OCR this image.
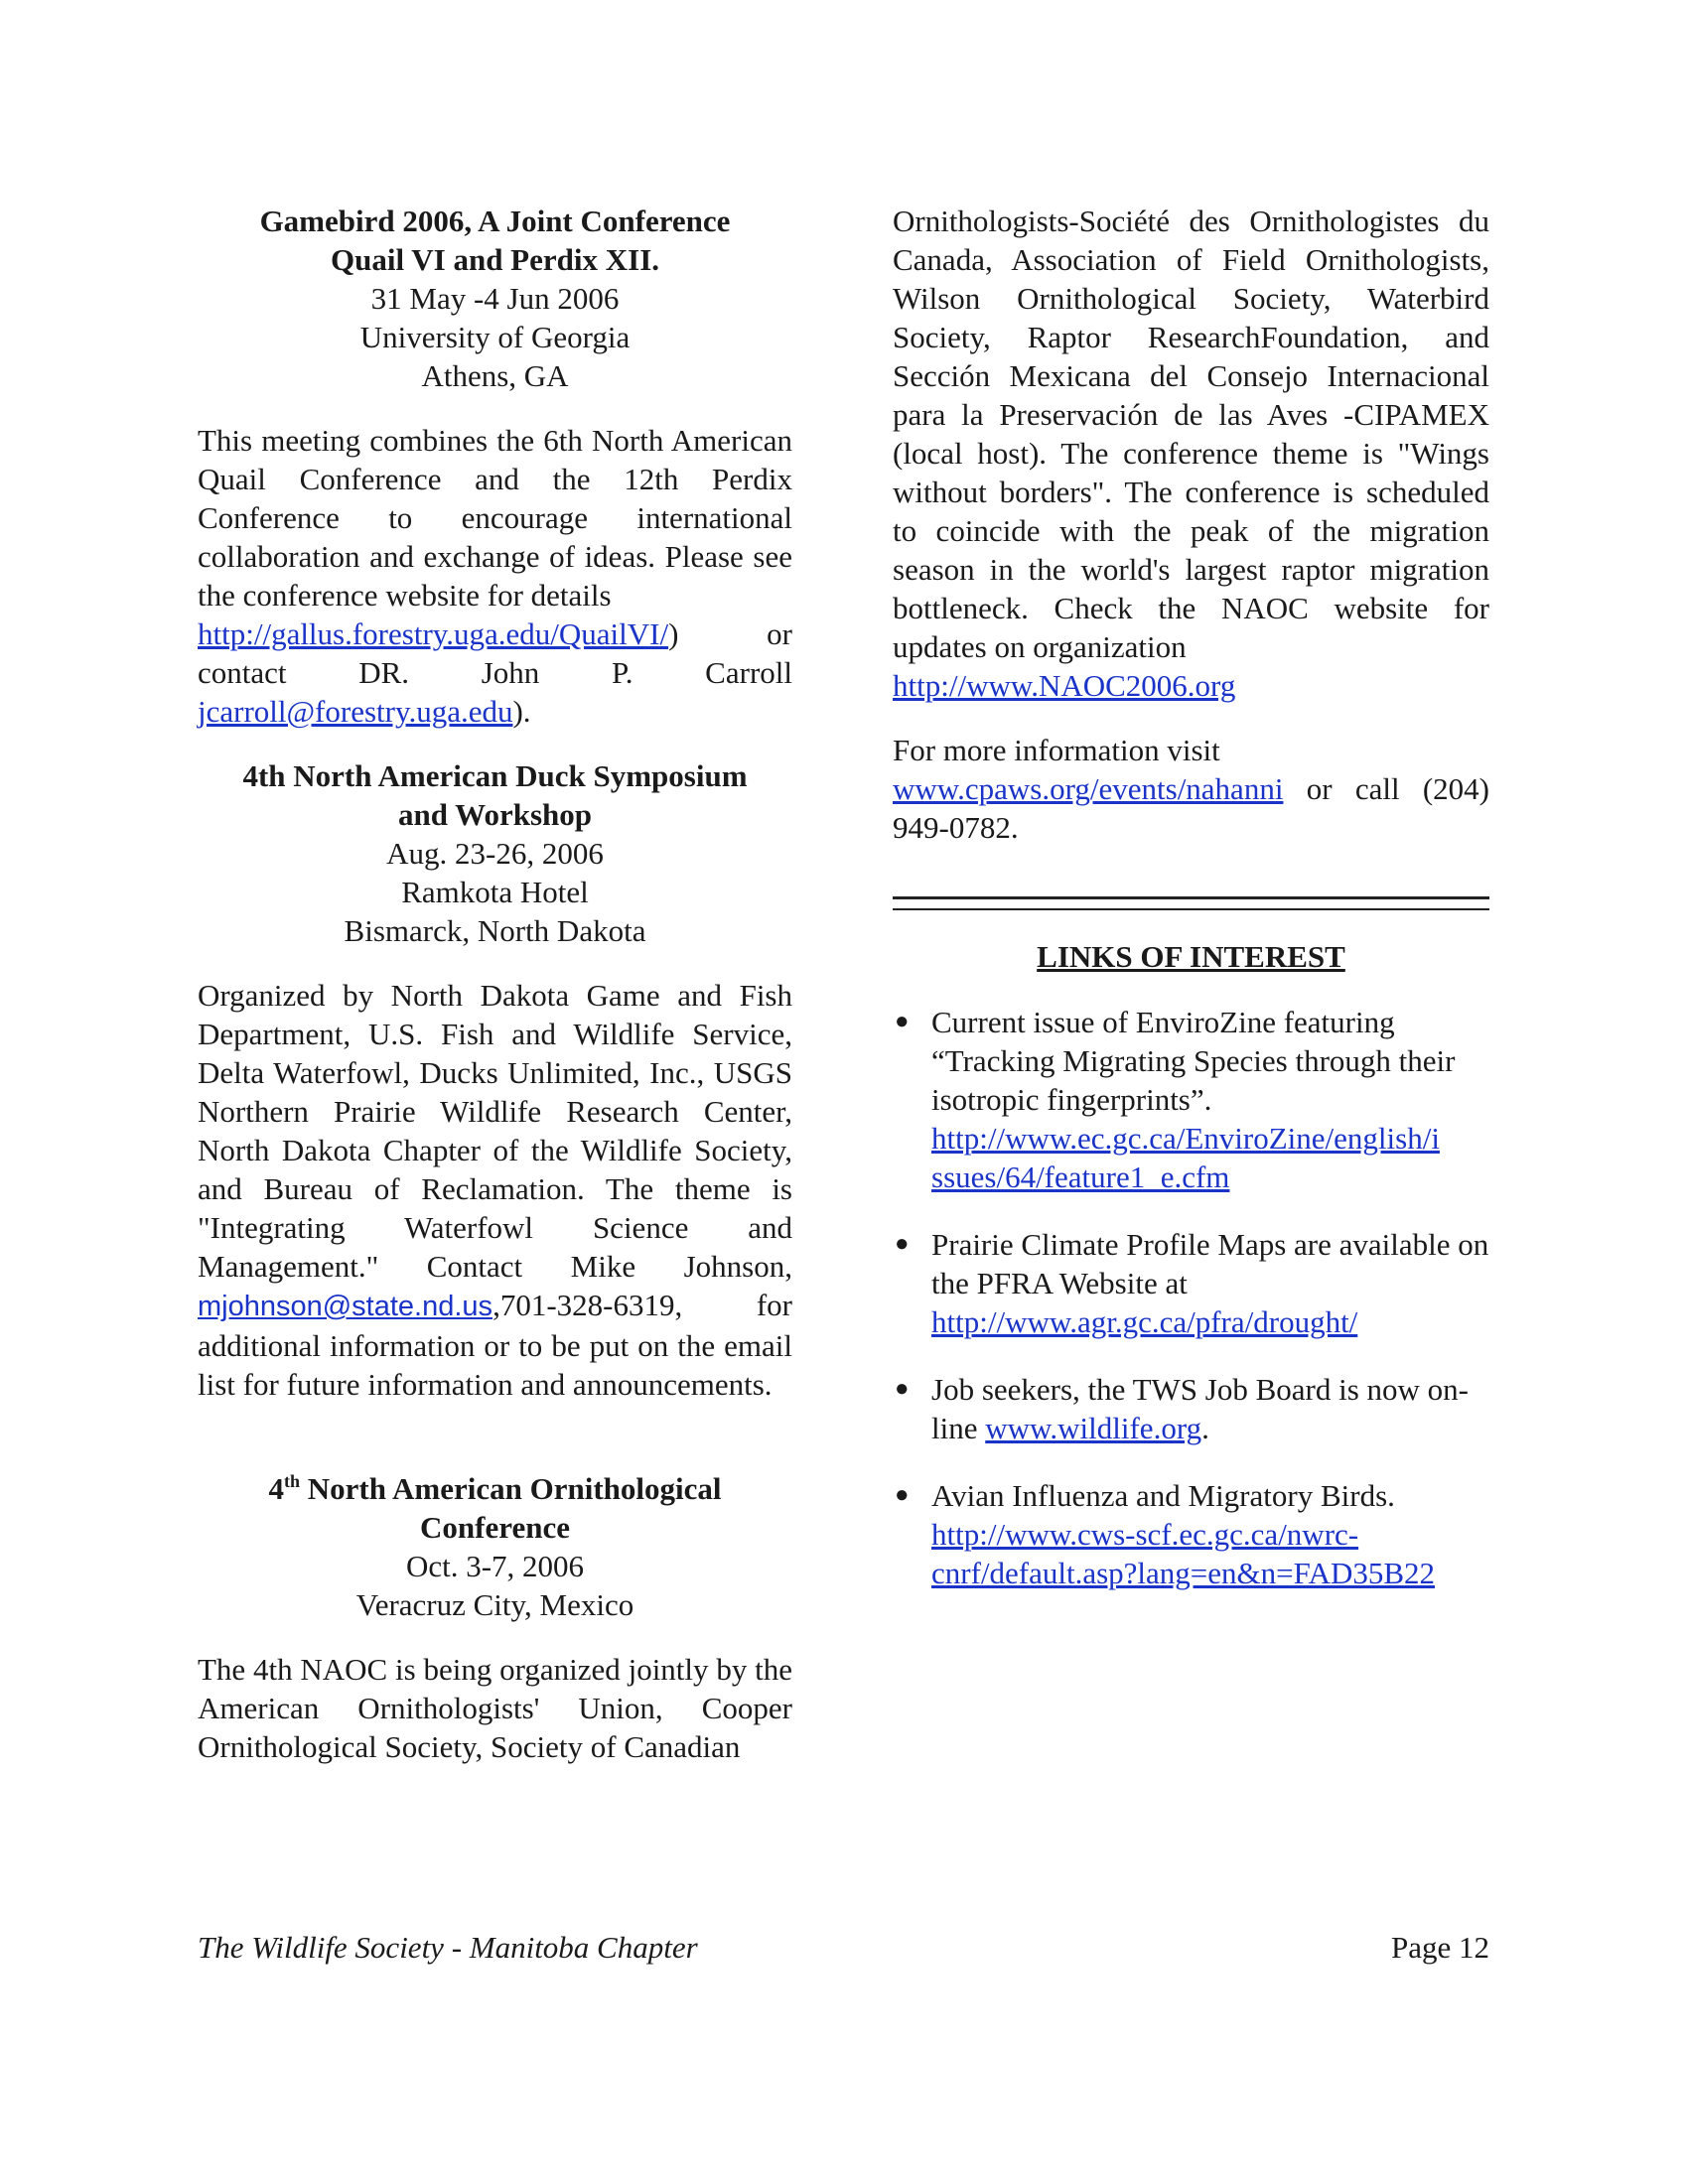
Gamebird 2006, A Joint Conference
Quail VI and Perdix XII.
31 May -4 Jun 2006
University of Georgia
Athens, GA

This meeting combines the 6th North American Quail Conference and the 12th Perdix Conference to encourage international collaboration and exchange of ideas. Please see the conference website for details

http://gallus.forestry.uga.edu/QuailVI/) or

contact DR. John P. Carroll

jcarroll@forestry.uga.edu).

4th North American Duck Symposium
and Workshop
Aug. 23-26, 2006
Ramkota Hotel
Bismarck, North Dakota

Organized by North Dakota Game and Fish Department, U.S. Fish and Wildlife Service, Delta Waterfowl, Ducks Unlimited, Inc., USGS Northern Prairie Wildlife Research Center, North Dakota Chapter of the Wildlife Society, and Bureau of Reclamation. The theme is "Integrating Waterfowl Science and Management." Contact Mike Johnson, mjohnson@state.nd.us,701-328-6319, for additional information or to be put on the email list for future information and announcements.

4th North American Ornithological
Conference
Oct. 3-7, 2006
Veracruz City, Mexico

The 4th NAOC is being organized jointly by the American Ornithologists' Union, Cooper Ornithological Society, Society of Canadian

Ornithologists-Société des Ornithologistes du Canada, Association of Field Ornithologists, Wilson Ornithological Society, Waterbird Society, Raptor ResearchFoundation, and Sección Mexicana del Consejo Internacional para la Preservación de las Aves -CIPAMEX (local host). The conference theme is "Wings without borders". The conference is scheduled to coincide with the peak of the migration season in the world's largest raptor migration bottleneck. Check the NAOC website for updates on organization

http://www.NAOC2006.org

For more information visit

www.cpaws.org/events/nahanni or call (204) 949-0782.

LINKS OF INTEREST
● Current issue of EnviroZine featuring “Tracking Migrating Species through their isotropic fingerprints”.
http://www.ec.gc.ca/EnviroZine/english/i
ssues/64/feature1_e.cfm
● Prairie Climate Profile Maps are available on the PFRA Website at
http://www.agr.gc.ca/pfra/drought/
● Job seekers, the TWS Job Board is now on-line www.wildlife.org.
● Avian Influenza and Migratory Birds.
http://www.cws-scf.ec.gc.ca/nwrc-
cnrf/default.asp?lang=en&n=FAD35B22
The Wildlife Society - Manitoba Chapter	Page 12
